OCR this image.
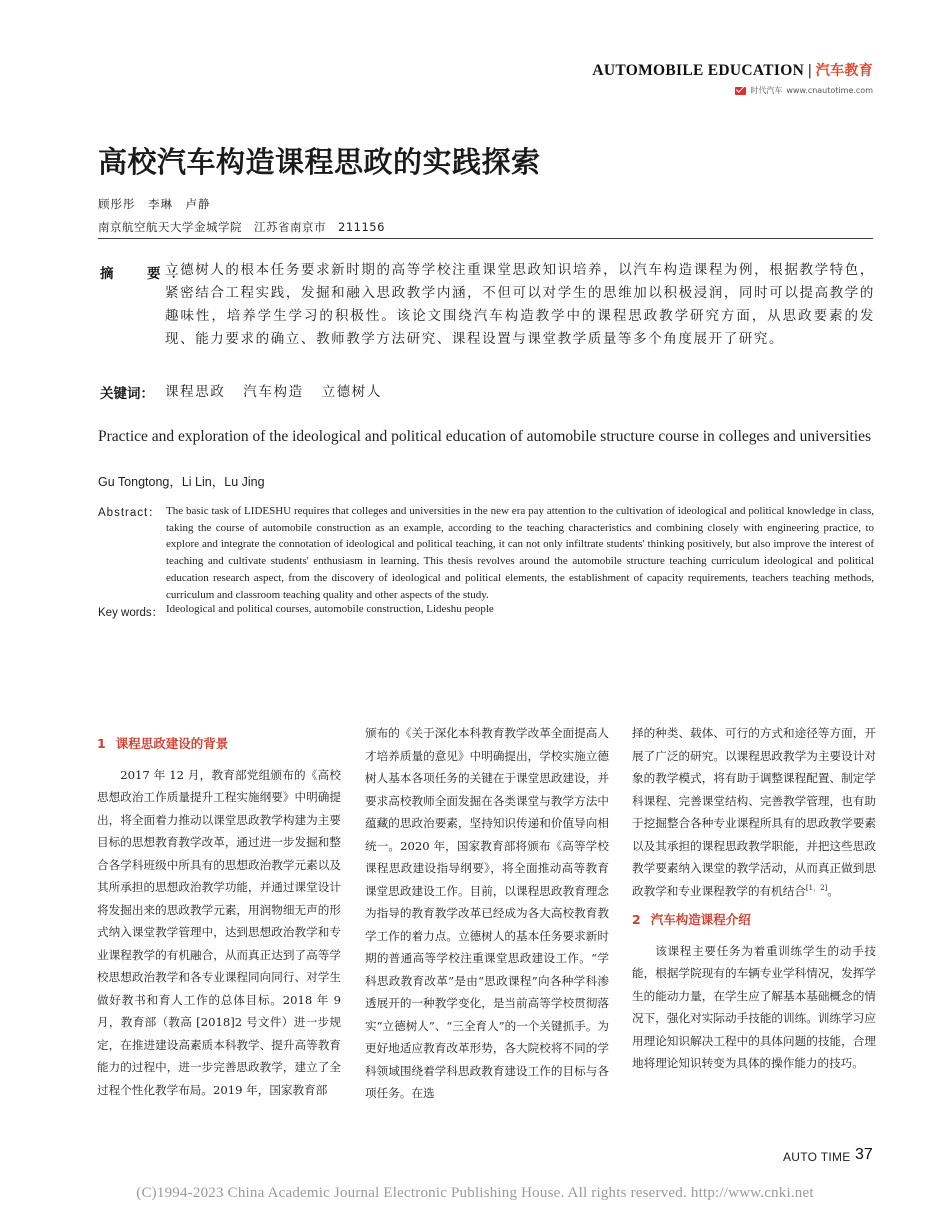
AUTOMOBILE EDUCATION | 汽车教育
时代汽车 www.cnautotime.com
高校汽车构造课程思政的实践探索
顾彤彤　李琳　卢静
南京航空航天大学金城学院　江苏省南京市　211156
摘　要：
立德树人的根本任务要求新时期的高等学校注重课堂思政知识培养，以汽车构造课程为例，根据教学特色，紧密结合工程实践，发掘和融入思政教学内涵，不但可以对学生的思维加以积极浸润，同时可以提高教学的趣味性，培养学生学习的积极性。该论文围绕汽车构造教学中的课程思政教学研究方面，从思政要素的发现、能力要求的确立、教师教学方法研究、课程设置与课堂教学质量等多个角度展开了研究。
关键词： 课程思政 汽车构造 立德树人
Practice and exploration of the ideological and political education of automobile structure course in colleges and universities
Gu Tongtong，Li Lin，Lu Jing
Abstract： The basic task of LIDESHU requires that colleges and universities in the new era pay attention to the cultivation of ideological and political knowledge in class, taking the course of automobile construction as an example, according to the teaching characteristics and combining closely with engineering practice, to explore and integrate the connotation of ideological and political teaching, it can not only infiltrate students' thinking positively, but also improve the interest of teaching and cultivate students' enthusiasm in learning. This thesis revolves around the automobile structure teaching curriculum ideological and political education research aspect, from the discovery of ideological and political elements, the establishment of capacity requirements, teachers teaching methods, curriculum and classroom teaching quality and other aspects of the study.
Key words： Ideological and political courses, automobile construction, Lideshu people

1 课程思政建设的背景

2017 年 12 月，教育部党组颁布的《高校思想政治工作质量提升工程实施纲要》中明确提出，将全面着力推动以课堂思政教学构建为主要目标的思想教育教学改革，通过进一步发掘和整合各学科班级中所具有的思想政治教学元素以及其所承担的思想政治教学功能，并通过课堂设计将发掘出来的思政教学元素，用润物细无声的形式纳入课堂教学管理中，达到思想政治教学和专业课程教学的有机融合，从而真正达到了高等学校思想政治教学和各专业课程同向同行、对学生做好教书和育人工作的总体目标。2018 年 9 月，教育部（教高 [2018]2 号文件）进一步规定，在推进建设高素质本科教学、提升高等教育能力的过程中，进一步完善思政教学，建立了全过程个性化教学布局。2019 年，国家教育部

颁布的《关于深化本科教育教学改革全面提高人才培养质量的意见》中明确提出，学校实施立德树人基本各项任务的关键在于课堂思政建设，并要求高校教师全面发掘在各类课堂与教学方法中蕴藏的思政治要素，坚持知识传递和价值导向相统一。2020 年，国家教育部将颁布《高等学校课程思政建设指导纲要》，将全面推动高等教育课堂思政建设工作。目前，以课程思政教育理念为指导的教育教学改革已经成为各大高校教育教学工作的着力点。立德树人的基本任务要求新时期的普通高等学校注重课堂思政建设工作。“学科思政教育改革”是由“思政课程”向各种学科渗透展开的一种教学变化，是当前高等学校贯彻落实“立德树人”、“三全育人”的一个关键抓手。为更好地适应教育改革形势，各大院校将不同的学科领域围绕着学科思政教育建设工作的目标与各项任务。在选

择的种类、载体、可行的方式和途径等方面，开展了广泛的研究。以课程思政教学为主要设计对象的教学模式，将有助于调整课程配置、制定学科课程、完善课堂结构、完善教学管理，也有助于挖掘整合各种专业课程所具有的思政教学要素以及其承担的课程思政教学职能，并把这些思政教学要素纳入课堂的教学活动，从而真正做到思政教学和专业课程教学的有机结合[1，2]。

2 汽车构造课程介绍

该课程主要任务为着重训练学生的动手技能，根据学院现有的车辆专业学科情况，发挥学生的能动力量，在学生应了解基本基础概念的情况下，强化对实际动手技能的训练。训练学习应用理论知识解决工程中的具体问题的技能，合理地将理论知识转变为具体的操作能力的技巧。

AUTO TIME 37
(C)1994-2023 China Academic Journal Electronic Publishing House. All rights reserved. http://www.cnki.net
